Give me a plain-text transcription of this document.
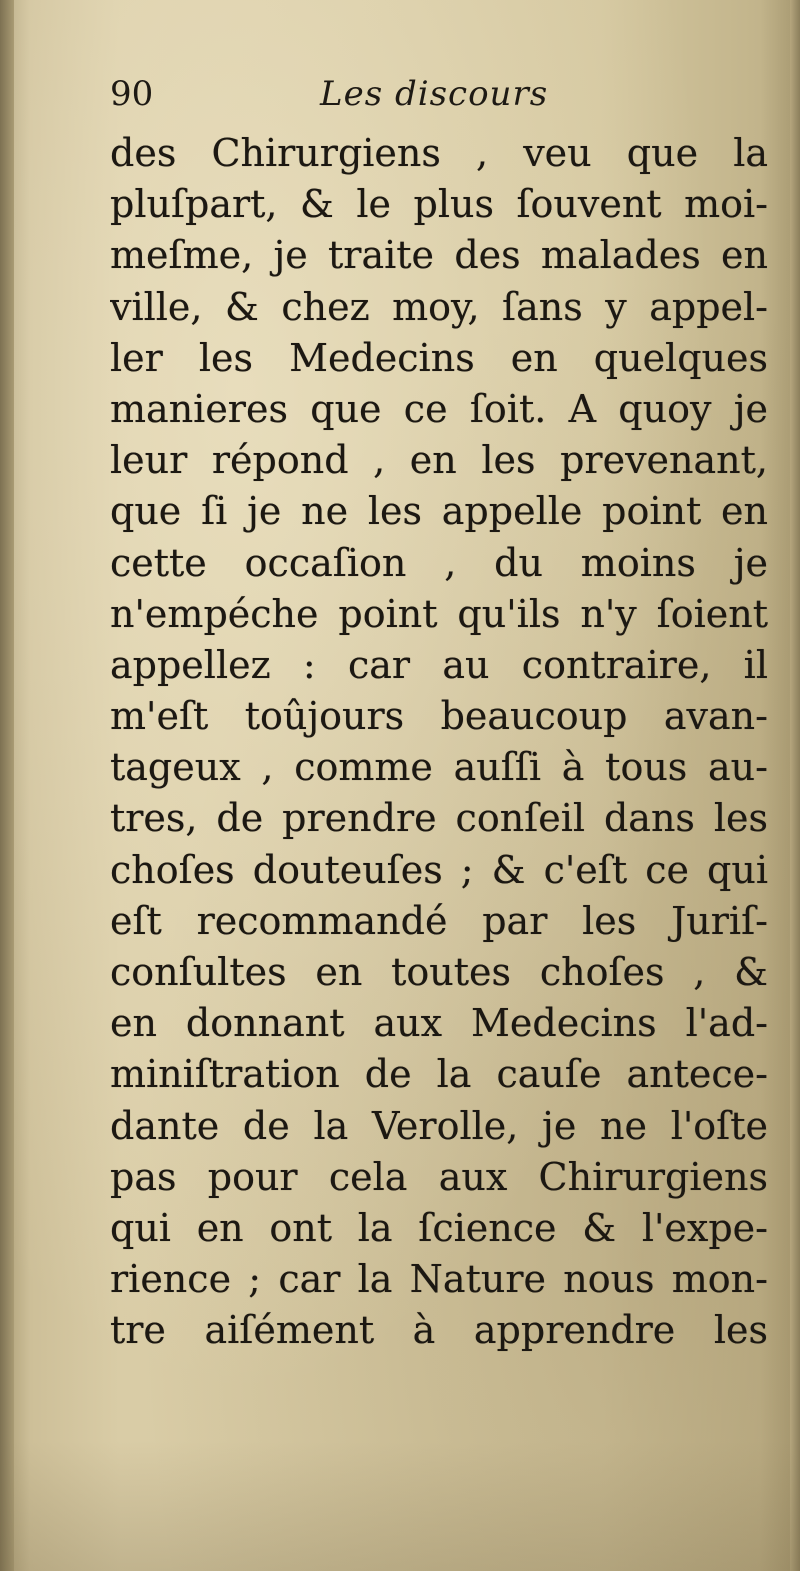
90	Les discours
des Chirurgiens , veu que la
pluſpart, & le plus ſouvent moi-
meſme, je traite des malades en
ville, & chez moy, ſans y appel-
ler les Medecins en quelques
manieres que ce ſoit. A quoy je
leur répond , en les prevenant,
que ſi je ne les appelle point en
cette occaſion , du moins je
n'empéche point qu'ils n'y ſoient
appellez : car au contraire, il
m'eſt toûjours beaucoup avan-
tageux , comme auſſi à tous au-
tres, de prendre conſeil dans les
choſes douteuſes ; & c'eſt ce qui
eſt recommandé par les Juriſ-
conſultes en toutes choſes , &
en donnant aux Medecins l'ad-
miniſtration de la cauſe antece-
dante de la Verolle, je ne l'oſte
pas pour cela aux Chirurgiens
qui en ont la ſcience & l'expe-
rience ; car la Nature nous mon-
tre aiſément à apprendre les
